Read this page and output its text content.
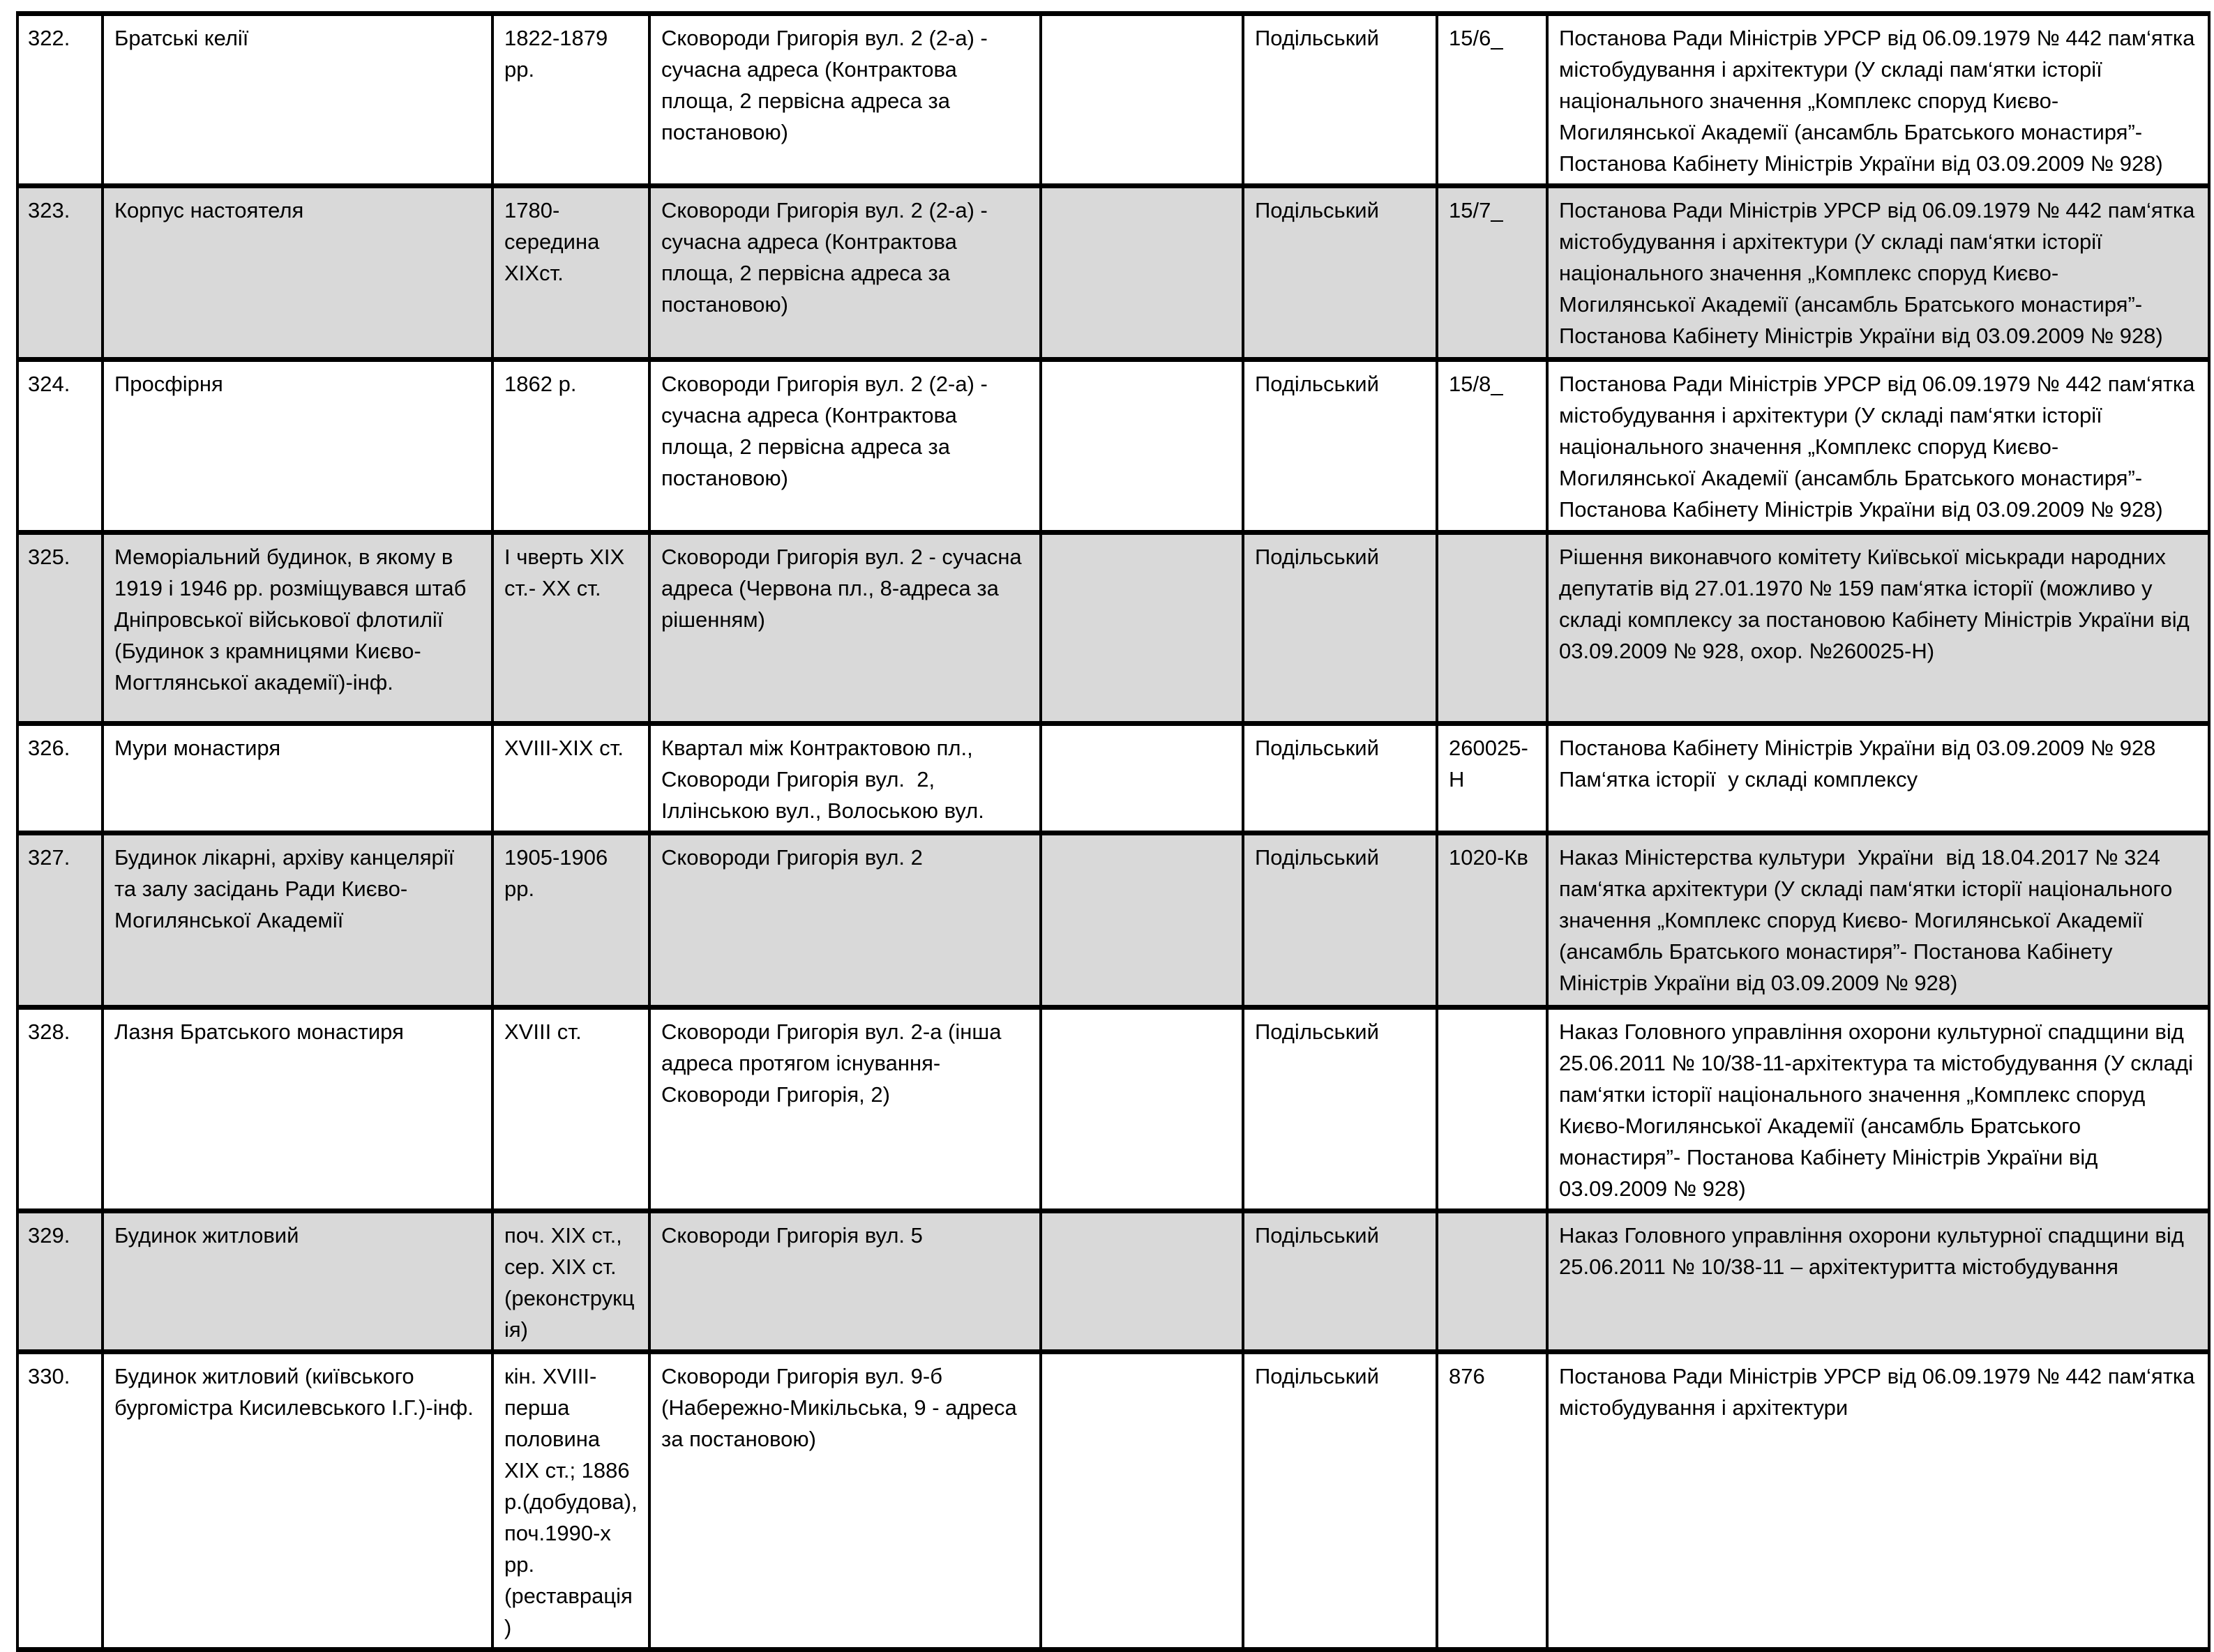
322.	Братські келії	1822-1879 рр.	Сковороди Григорія вул. 2 (2-а) - сучасна адреса (Контрактова площа, 2 первісна адреса за постановою)		Подільський	15/6_	Постанова Ради Міністрів УРСР від 06.09.1979 № 442 пам‘ятка містобудування і архітектури (У складі пам‘ятки історії національного значення „Комплекс споруд Києво- Могилянської Академії (ансамбль Братського монастиря”- Постанова Кабінету Міністрів України від 03.09.2009 № 928)
323.	Корпус настоятеля	1780-середина XIXст.	Сковороди Григорія вул. 2 (2-а) - сучасна адреса (Контрактова площа, 2 первісна адреса за постановою)		Подільський	15/7_	Постанова Ради Міністрів УРСР від 06.09.1979 № 442 пам‘ятка містобудування і архітектури (У складі пам‘ятки історії національного значення „Комплекс споруд Києво- Могилянської Академії (ансамбль Братського монастиря”- Постанова Кабінету Міністрів України від 03.09.2009 № 928)
324.	Просфірня	1862 р.	Сковороди Григорія вул. 2 (2-а) - сучасна адреса (Контрактова площа, 2 первісна адреса за постановою)		Подільський	15/8_	Постанова Ради Міністрів УРСР від 06.09.1979 № 442 пам‘ятка містобудування і архітектури (У складі пам‘ятки історії національного значення „Комплекс споруд Києво- Могилянської Академії (ансамбль Братського монастиря”- Постанова Кабінету Міністрів України від 03.09.2009 № 928)
325.	Меморіальний будинок, в якому в 1919 і 1946 рр. розміщувався штаб Дніпровської військової флотилії (Будинок з крамницями Києво-Могтлянської академії)-інф.	І чверть XIX ст.- XX ст.	Сковороди Григорія вул. 2 - сучасна адреса (Червона пл., 8-адреса за рішенням)		Подільський		Рішення виконавчого комітету Київської міськради народних депутатів від 27.01.1970 № 159 пам‘ятка історії (можливо у складі комплексу за постановою Кабінету Міністрів України від 03.09.2009 № 928, охор. №260025-Н)
326.	Мури монастиря	XVIII-XIX ст.	Квартал між Контрактовою пл., Сковороди Григорія вул.  2, Іллінською вул., Волоською вул.		Подільський	260025-Н	Постанова Кабінету Міністрів України від 03.09.2009 № 928 Пам‘ятка історії  у складі комплексу
327.	Будинок лікарні, архіву канцелярії та залу засідань Ради Києво-Могилянської Академії	1905-1906 рр.	Сковороди Григорія вул. 2		Подільський	1020-Кв	Наказ Міністерства культури  України  від 18.04.2017 № 324 пам‘ятка архітектури (У складі пам‘ятки історії національного значення „Комплекс споруд Києво- Могилянської Академії (ансамбль Братського монастиря”- Постанова Кабінету Міністрів України від 03.09.2009 № 928)
328.	Лазня Братського монастиря	XVIII ст.	Сковороди Григорія вул. 2-а (інша адреса протягом існування- Сковороди Григорія, 2)		Подільський		Наказ Головного управління охорони культурної спадщини від 25.06.2011 № 10/38-11-архітектура та містобудування (У складі пам‘ятки історії національного значення „Комплекс споруд Києво-Могилянської Академії (ансамбль Братського монастиря”- Постанова Кабінету Міністрів України від 03.09.2009 № 928)
329.	Будинок житловий	поч. XIX ст., сер. XIX ст. (реконструкція)	Сковороди Григорія вул. 5		Подільський		Наказ Головного управління охорони культурної спадщини від 25.06.2011 № 10/38-11 – архітектуритта містобудування
330.	Будинок житловий (київського бургомістра Кисилевського І.Г.)-інф.	кін. XVIII- перша половина XIX ст.; 1886 р.(добудова), поч.1990-х рр. (реставрація)	Сковороди Григорія вул. 9-б (Набережно-Микільська, 9 - адреса за постановою)		Подільський	876	Постанова Ради Міністрів УРСР від 06.09.1979 № 442 пам‘ятка містобудування і архітектури
